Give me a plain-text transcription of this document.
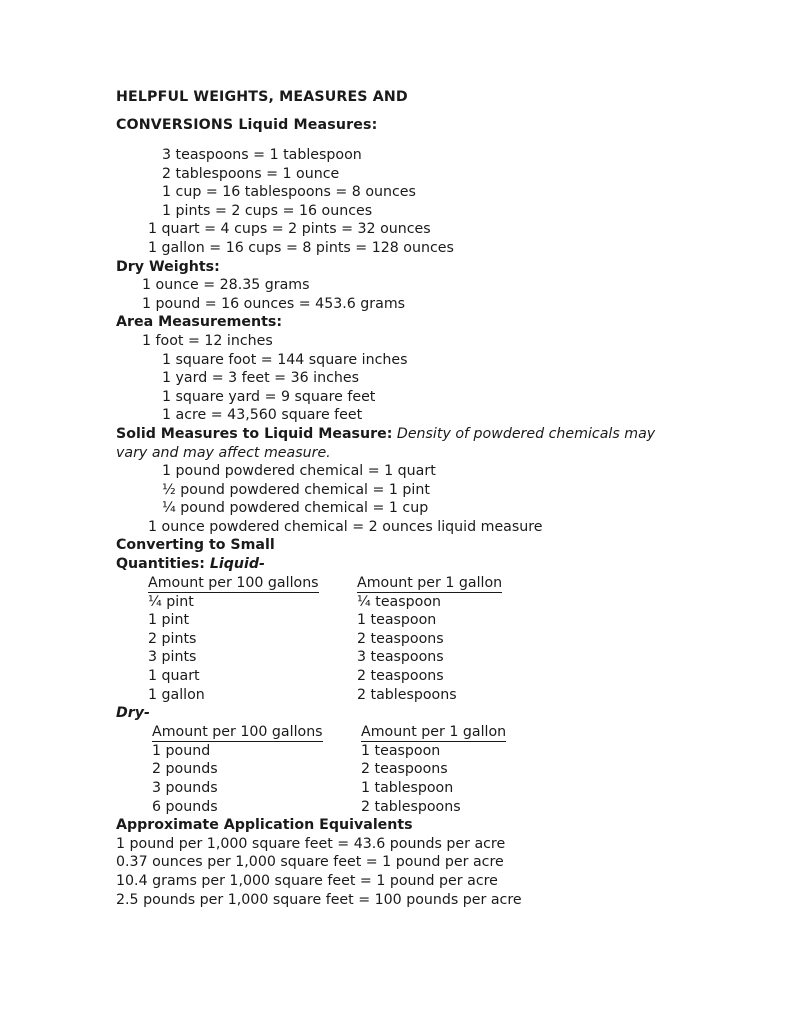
HELPFUL WEIGHTS, MEASURES AND
CONVERSIONS Liquid Measures:
3 teaspoons = 1 tablespoon
2 tablespoons = 1 ounce
1 cup = 16 tablespoons = 8 ounces
1 pints = 2 cups = 16 ounces
1 quart = 4 cups = 2 pints = 32 ounces
1 gallon = 16 cups = 8 pints = 128 ounces
Dry Weights:
1 ounce = 28.35 grams
1 pound = 16 ounces = 453.6 grams
Area Measurements:
1 foot = 12 inches
1 square foot = 144 square inches
1 yard = 3 feet = 36 inches
1 square yard = 9 square feet
1 acre = 43,560 square feet
Solid Measures to Liquid Measure: Density of powdered chemicals may vary and may affect measure.
1 pound powdered chemical = 1 quart
½ pound powdered chemical = 1 pint
¼ pound powdered chemical = 1 cup
1 ounce powdered chemical = 2 ounces liquid measure
Converting to Small
Quantities: Liquid-
Amount per 100 gallons	Amount per 1 gallon
¼ pint	¼ teaspoon
1 pint	1 teaspoon
2 pints	2 teaspoons
3 pints	3 teaspoons
1 quart	2 teaspoons
1 gallon	2 tablespoons
Dry-
Amount per 100 gallons	Amount per 1 gallon
1 pound	1 teaspoon
2 pounds	2 teaspoons
3 pounds	1 tablespoon
6 pounds	2 tablespoons
Approximate Application Equivalents
1 pound per 1,000 square feet = 43.6 pounds per acre
0.37 ounces per 1,000 square feet = 1 pound per acre
10.4 grams per 1,000 square feet = 1 pound per acre
2.5 pounds per 1,000 square feet = 100 pounds per acre
